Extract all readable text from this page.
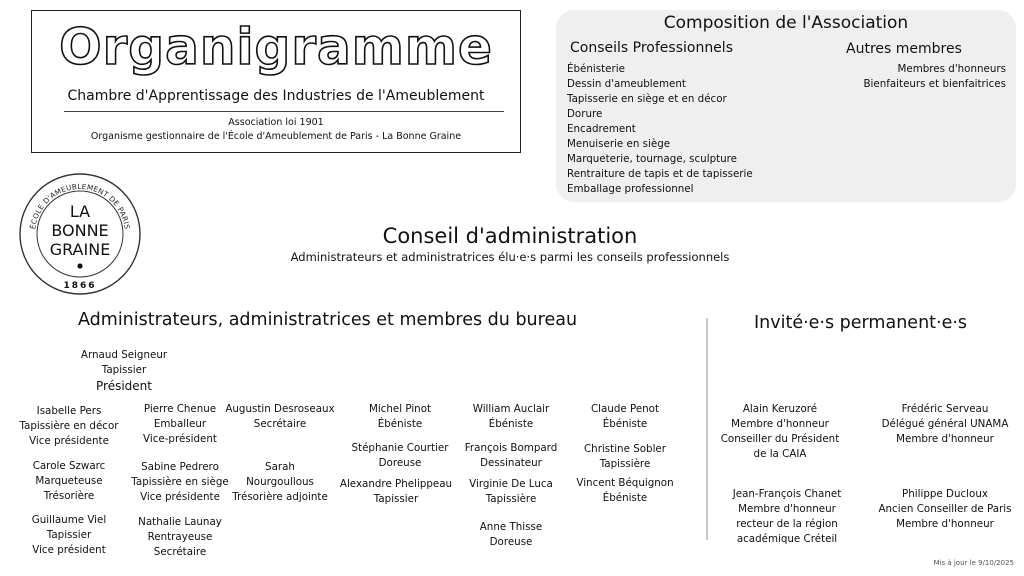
Organigramme
Chambre d'Apprentissage des Industries de l'Ameublement
Association loi 1901
Organisme gestionnaire de l'École d'Ameublement de Paris - La Bonne Graine
Composition de l'Association
Conseils Professionnels	Autres membres
Ébénisterie
Dessin d'ameublement
Tapisserie en siège et en décor
Dorure
Encadrement
Menuiserie en siège
Marqueterie, tournage, sculpture
Rentraiture de tapis et de tapisserie
Emballage professionnel
Membres d'honneurs
Bienfaiteurs et bienfaitrices
ÉCOLE D'AMEUBLEMENT DE PARIS
LA
BONNE
GRAINE
1866
Conseil d'administration
Administrateurs et administratrices élu·e·s parmi les conseils professionnels
Administrateurs, administratrices et membres du bureau	Invité·e·s permanent·e·s
Arnaud Seigneur
Tapissier
Président
Isabelle Pers
Tapissière en décor
Vice présidente
Carole Szwarc
Marqueteuse
Trésorière
Guillaume Viel
Tapissier
Vice président
Pierre Chenue
Emballeur
Vice-président
Sabine Pedrero
Tapissière en siège
Vice présidente
Nathalie Launay
Rentrayeuse
Secrétaire
Augustin Desroseaux
Secrétaire
Sarah
Nourgoullous
Trésorière adjointe
Michel Pinot
Ébéniste
Stéphanie Courtier
Doreuse
Alexandre Phelippeau
Tapissier
William Auclair
Ébéniste
François Bompard
Dessinateur
Virginie De Luca
Tapissière
Anne Thisse
Doreuse
Claude Penot
Ébéniste
Christine Sobler
Tapissière
Vincent Béquignon
Ébéniste
Alain Keruzoré
Membre d'honneur
Conseiller du Président
de la CAIA
Frédéric Serveau
Délégué général UNAMA
Membre d'honneur
Jean-François Chanet
Membre d'honneur
recteur de la région
académique Créteil
Philippe Ducloux
Ancien Conseiller de Paris
Membre d'honneur
Mis à jour le 9/10/2025
